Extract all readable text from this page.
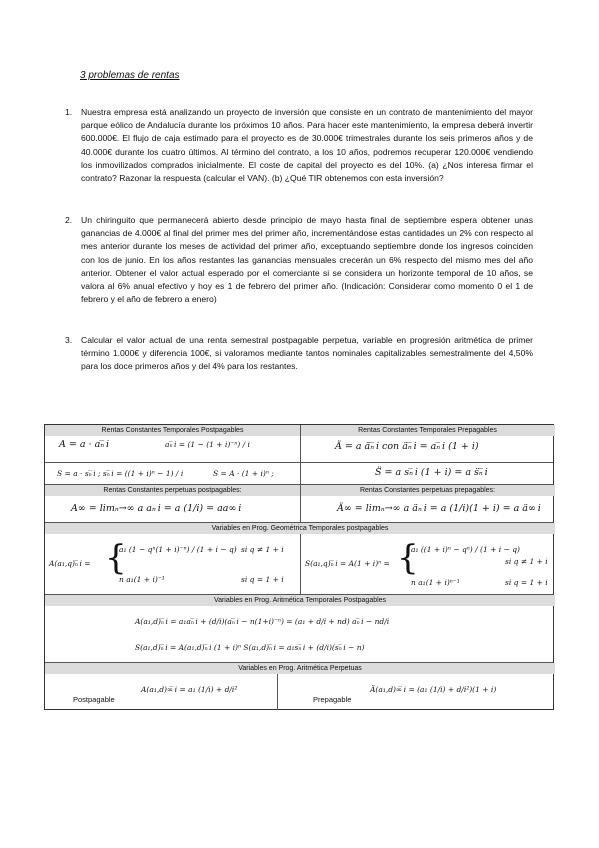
3 problemas de rentas
1.	Nuestra empresa está analizando un proyecto de inversión que consiste en un contrato de mantenimiento del mayor parque eólico de Andalucía durante los próximos 10 años. Para hacer este mantenimiento, la empresa deberá invertir 600.000€. El flujo de caja estimado para el proyecto es de 30.000€ trimestrales durante los seis primeros años y de 40.000€ durante los cuatro últimos. Al término del contrato, a los 10 años, podremos recuperar 120.000€ vendiendo los inmovilizados comprados inicialmente. El coste de capital del proyecto es del 10%. (a) ¿Nos interesa firmar el contrato? Razonar la respuesta (calcular el VAN). (b) ¿Qué TIR obtenemos con esta inversión?
2.	Un chiringuito que permanecerá abierto desde principio de mayo hasta final de septiembre espera obtener unas ganancias de 4.000€ al final del primer mes del primer año, incrementándose estas cantidades un 2% con respecto al mes anterior durante los meses de actividad del primer año, exceptuando septiembre donde los ingresos coinciden con los de junio. En los años restantes las ganancias mensuales crecerán un 6% respecto del mismo mes del año anterior. Obtener el valor actual esperado por el comerciante si se considera un horizonte temporal de 10 años, se valora al 6% anual efectivo y hoy es 1 de febrero del primer año. (Indicación: Considerar como momento 0 el 1 de febrero y el año de febrero a enero)
3.	Calcular el valor actual de una renta semestral postpagable perpetua, variable en progresión aritmética de primer término 1.000€ y diferencia 100€, si valoramos mediante tantos nominales capitalizables semestralmente del 4,50% para los doce primeros años y del 4% para los restantes.
Rentas Constantes Temporales Postpagables	Rentas Constantes Temporales Prepagables
A = a · aₙ̅ i	aₙ̅ i = (1 − (1 + i)⁻ⁿ) / i	Ä = a äₙ̅ i con äₙ̅ i = aₙ̅ i (1 + i)
S = a · sₙ̅ i ; sₙ̅ i = ((1 + i)ⁿ − 1) / i	S = A · (1 + i)ⁿ ;	S̈ = a sₙ̅ i (1 + i) = a s̈ₙ̅ i
Rentas Constantes perpetuas postpagables:	Rentas Constantes perpetuas prepagables:
A∞ = limₙ→∞ a aₙ i = a (1/i) = aa∞ i	Ä∞ = limₙ→∞ a äₙ i = a (1/i)(1 + i) = a ä∞ i
Variables en Prog. Geométrica Temporales postpagables
A(a₁,q)ₙ̅ i = {
a₁ (1 − qⁿ(1 + i)⁻ⁿ) / (1 + i − q) si q ≠ 1 + i
n a₁(1 + i)⁻¹	si q = 1 + i
S(a₁,q)ₙ̅ i = A(1 + i)ⁿ = {
a₁ ((1 + i)ⁿ − qⁿ) / (1 + i − q)
si q ≠ 1 + i
n a₁(1 + i)ⁿ⁻¹	si q = 1 + i
Variables en Prog. Aritmética Temporales Postpagables
A(a₁,d)ₙ̅ i = a₁aₙ̅ i + (d/i)(aₙ̅ i − n(1+i)⁻ⁿ) = (a₁ + d/i + nd) aₙ̅ i − nd/i
S(a₁,d)ₙ̅ i = A(a₁,d)ₙ̅ i (1 + i)ⁿ S(a₁,d)ₙ̅ i = a₁sₙ̅ i + (d/i)(sₙ̅ i − n)
Variables en Prog. Aritmética Perpetuas
Postpagable
A(a₁,d)∞̅ i = a₁ (1/i) + d/i²
Prepagable
Ä(a₁,d)∞̅ i = (a₁ (1/i) + d/i²)(1 + i)
